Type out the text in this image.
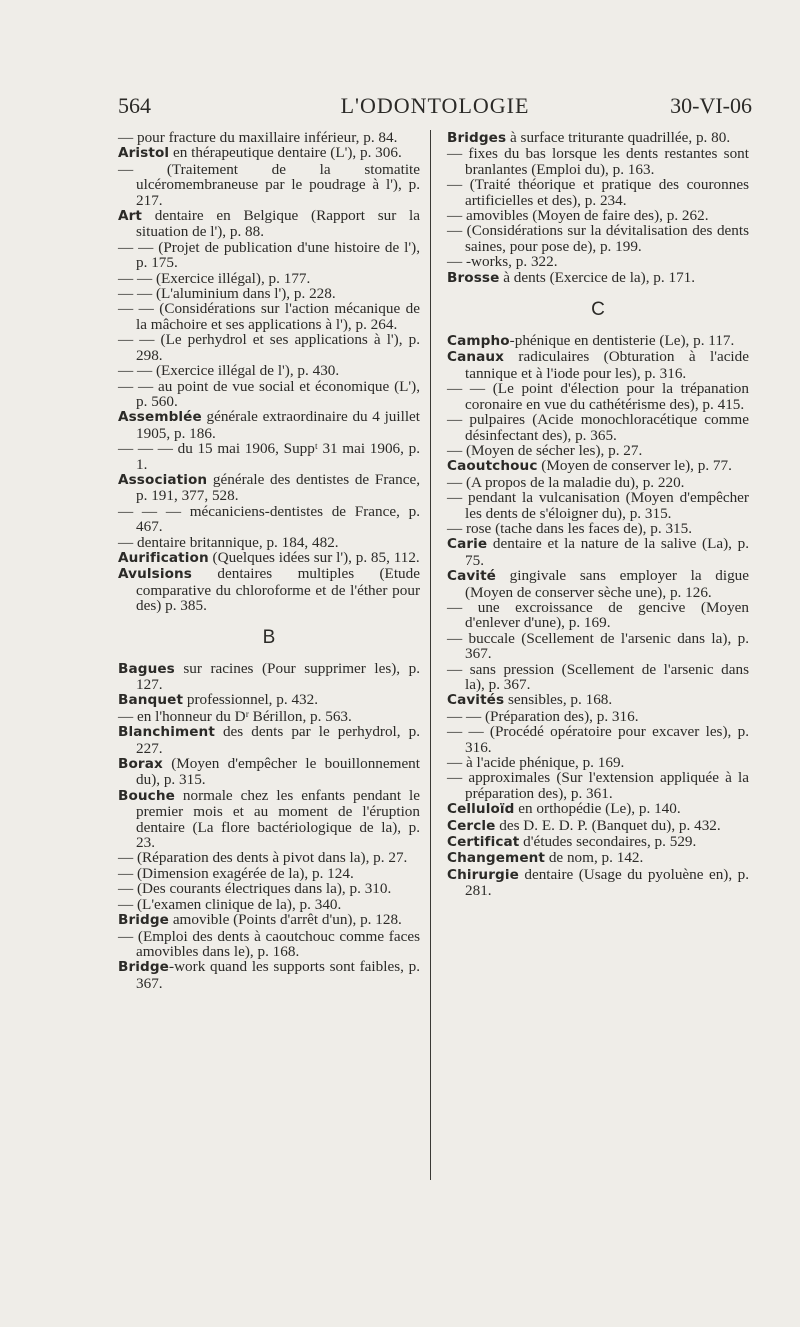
564	L'ODONTOLOGIE	30-VI-06

— pour fracture du maxillaire inférieur, p. 84.

Aristol en thérapeutique dentaire (L'), p. 306.

— (Traitement de la stomatite ulcéromembraneuse par le poudrage à l'), p. 217.

Art dentaire en Belgique (Rapport sur la situation de l'), p. 88.

— — (Projet de publication d'une histoire de l'), p. 175.

— — (Exercice illégal), p. 177.

— — (L'aluminium dans l'), p. 228.

— — (Considérations sur l'action mécanique de la mâchoire et ses applications à l'), p. 264.

— — (Le perhydrol et ses applications à l'), p. 298.

— — (Exercice illégal de l'), p. 430.

— — au point de vue social et économique (L'), p. 560.

Assemblée générale extraordinaire du 4 juillet 1905, p. 186.

— — — du 15 mai 1906, Suppᵗ 31 mai 1906, p. 1.

Association générale des dentistes de France, p. 191, 377, 528.

— — — mécaniciens-dentistes de France, p. 467.

— dentaire britannique, p. 184, 482.

Aurification (Quelques idées sur l'), p. 85, 112.

Avulsions dentaires multiples (Etude comparative du chloroforme et de l'éther pour des) p. 385.

B

Bagues sur racines (Pour supprimer les), p. 127.

Banquet professionnel, p. 432.

— en l'honneur du Dʳ Bérillon, p. 563.

Blanchiment des dents par le perhydrol, p. 227.

Borax (Moyen d'empêcher le bouillonnement du), p. 315.

Bouche normale chez les enfants pendant le premier mois et au moment de l'éruption dentaire (La flore bactériologique de la), p. 23.

— (Réparation des dents à pivot dans la), p. 27.

— (Dimension exagérée de la), p. 124.

— (Des courants électriques dans la), p. 310.

— (L'examen clinique de la), p. 340.

Bridge amovible (Points d'arrêt d'un), p. 128.

— (Emploi des dents à caoutchouc comme faces amovibles dans le), p. 168.

Bridge-work quand les supports sont faibles, p. 367.

Bridges à surface triturante quadrillée, p. 80.

— fixes du bas lorsque les dents restantes sont branlantes (Emploi du), p. 163.

— (Traité théorique et pratique des couronnes artificielles et des), p. 234.

— amovibles (Moyen de faire des), p. 262.

— (Considérations sur la dévitalisation des dents saines, pour pose de), p. 199.

— -works, p. 322.

Brosse à dents (Exercice de la), p. 171.

C

Campho-phénique en dentisterie (Le), p. 117.

Canaux radiculaires (Obturation à l'acide tannique et à l'iode pour les), p. 316.

— — (Le point d'élection pour la trépanation coronaire en vue du cathétérisme des), p. 415.

— pulpaires (Acide monochloracétique comme désinfectant des), p. 365.

— (Moyen de sécher les), p. 27.

Caoutchouc (Moyen de conserver le), p. 77.

— (A propos de la maladie du), p. 220.

— pendant la vulcanisation (Moyen d'empêcher les dents de s'éloigner du), p. 315.

— rose (tache dans les faces de), p. 315.

Carie dentaire et la nature de la salive (La), p. 75.

Cavité gingivale sans employer la digue (Moyen de conserver sèche une), p. 126.

— une excroissance de gencive (Moyen d'enlever d'une), p. 169.

— buccale (Scellement de l'arsenic dans la), p. 367.

— sans pression (Scellement de l'arsenic dans la), p. 367.

Cavités sensibles, p. 168.

— — (Préparation des), p. 316.

— — (Procédé opératoire pour excaver les), p. 316.

— à l'acide phénique, p. 169.

— approximales (Sur l'extension appliquée à la préparation des), p. 361.

Celluloïd en orthopédie (Le), p. 140.

Cercle des D. E. D. P. (Banquet du), p. 432.

Certificat d'études secondaires, p. 529.

Changement de nom, p. 142.

Chirurgie dentaire (Usage du pyoluène en), p. 281.
